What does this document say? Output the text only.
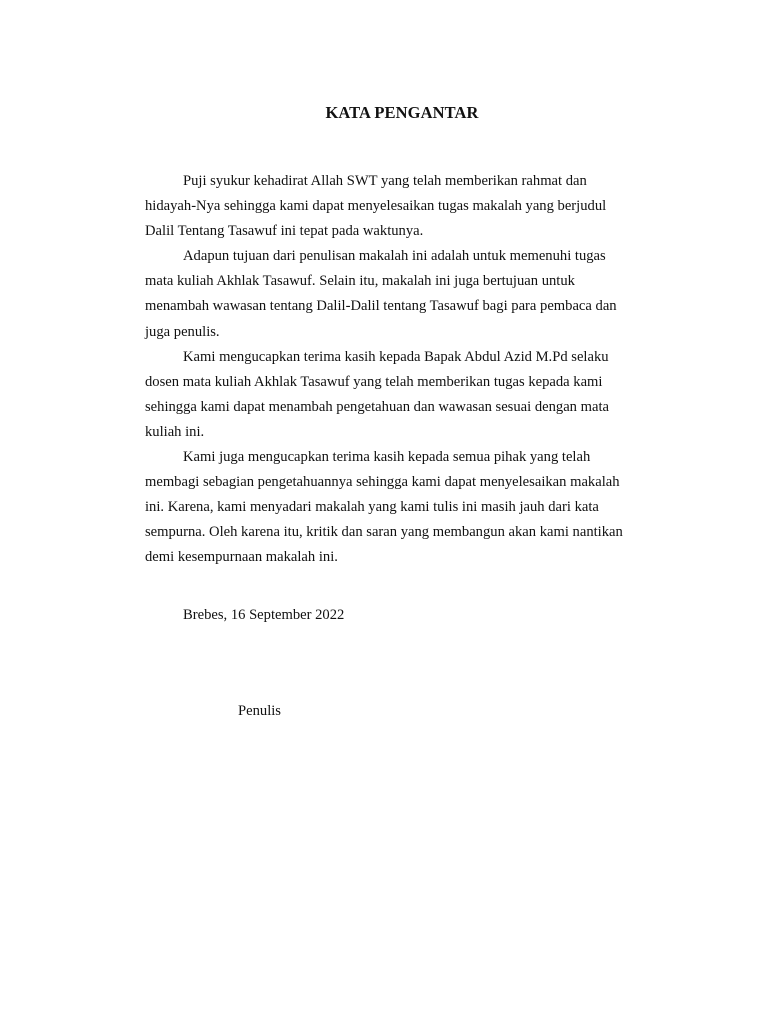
KATA PENGANTAR

Puji syukur kehadirat Allah SWT yang telah memberikan rahmat dan
hidayah-Nya sehingga kami dapat menyelesaikan tugas makalah yang berjudul
Dalil Tentang Tasawuf ini tepat pada waktunya.

Adapun tujuan dari penulisan makalah ini adalah untuk memenuhi tugas
mata kuliah Akhlak Tasawuf. Selain itu, makalah ini juga bertujuan untuk
menambah wawasan tentang Dalil-Dalil tentang Tasawuf bagi para pembaca dan
juga penulis.

Kami mengucapkan terima kasih kepada Bapak Abdul Azid M.Pd selaku
dosen mata kuliah Akhlak Tasawuf yang telah memberikan tugas kepada kami
sehingga kami dapat menambah pengetahuan dan wawasan sesuai dengan mata
kuliah ini.

Kami juga mengucapkan terima kasih kepada semua pihak yang telah
membagi sebagian pengetahuannya sehingga kami dapat menyelesaikan makalah
ini. Karena, kami menyadari makalah yang kami tulis ini masih jauh dari kata
sempurna. Oleh karena itu, kritik dan saran yang membangun akan kami nantikan
demi kesempurnaan makalah ini.

Brebes, 16 September 2022
Penulis
